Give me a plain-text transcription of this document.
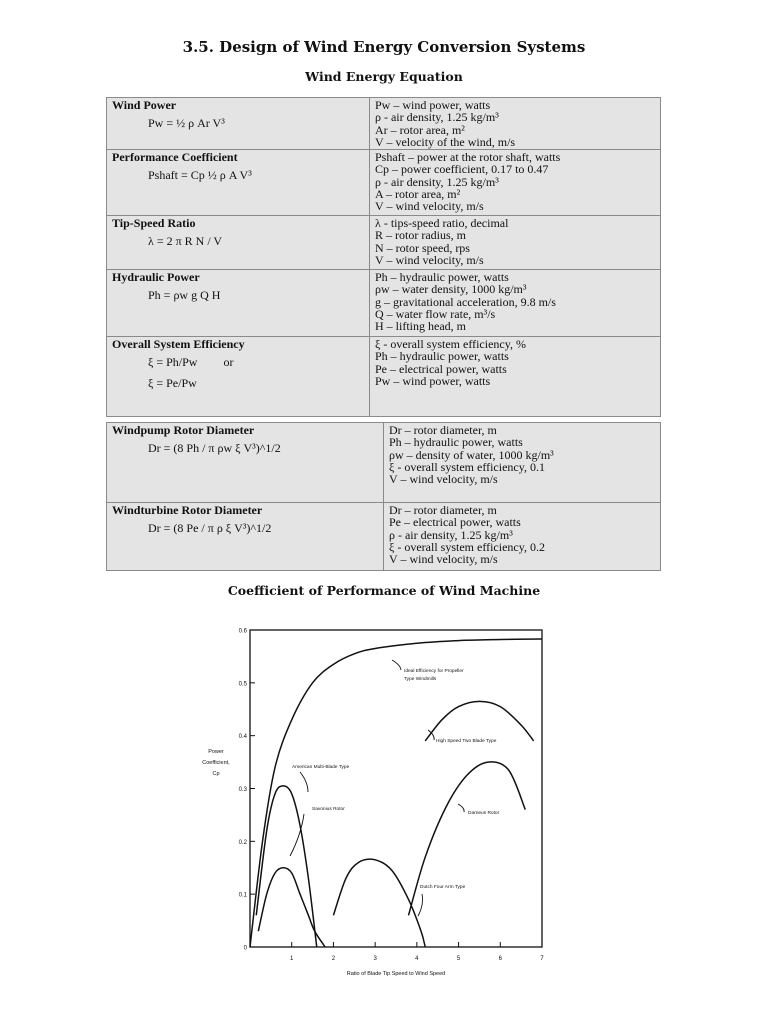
3.5. Design of Wind Energy Conversion Systems
Wind Energy Equation
Wind Power
Pw = ½ ρ Ar V³	Pw – wind power, watts
ρ - air density, 1.25 kg/m³
Ar – rotor area, m²
V – velocity of the wind, m/s

Performance Coefficient
Pshaft = Cp ½ ρ A V³	Pshaft – power at the rotor shaft, watts
Cp – power coefficient, 0.17 to 0.47
ρ - air density, 1.25 kg/m³
A – rotor area, m²
V – wind velocity, m/s

Tip-Speed Ratio
λ = 2 π R N / V	λ - tips-speed ratio, decimal
R – rotor radius, m
N – rotor speed, rps
V – wind velocity, m/s

Hydraulic Power
Ph = ρw g Q H	Ph – hydraulic power, watts
ρw – water density, 1000 kg/m³
g – gravitational acceleration, 9.8 m/s
Q – water flow rate, m³/s
H – lifting head, m

Overall System Efficiency
ξ = Ph/Pw or
ξ = Pe/Pw	ξ - overall system efficiency, %
Ph – hydraulic power, watts
Pe – electrical power, watts
Pw – wind power, watts
Windpump Rotor Diameter
Dr = (8 Ph / π ρw ξ V³)^1/2	Dr – rotor diameter, m
Ph – hydraulic power, watts
ρw – density of water, 1000 kg/m³
ξ - overall system efficiency, 0.1
V – wind velocity, m/s

Windturbine Rotor Diameter
Dr = (8 Pe / π ρ ξ V³)^1/2	Dr – rotor diameter, m
Pe – electrical power, watts
ρ - air density, 1.25 kg/m³
ξ - overall system efficiency, 0.2
V – wind velocity, m/s
Coefficient of Performance of Wind Machine
0
0.1
0.2
0.3
0.4
0.5
0.6
1	2	3	4	5	6	7
Ratio of Blade Tip Speed to Wind Speed
Power
Coefficient,
Cp
Ideal Efficiency for Propeller
Type Windmills
High Speed Two Blade Type
American Multi-Blade Type
Savonius Rotor
Darrieus Rotor
Dutch Four Arm Type
